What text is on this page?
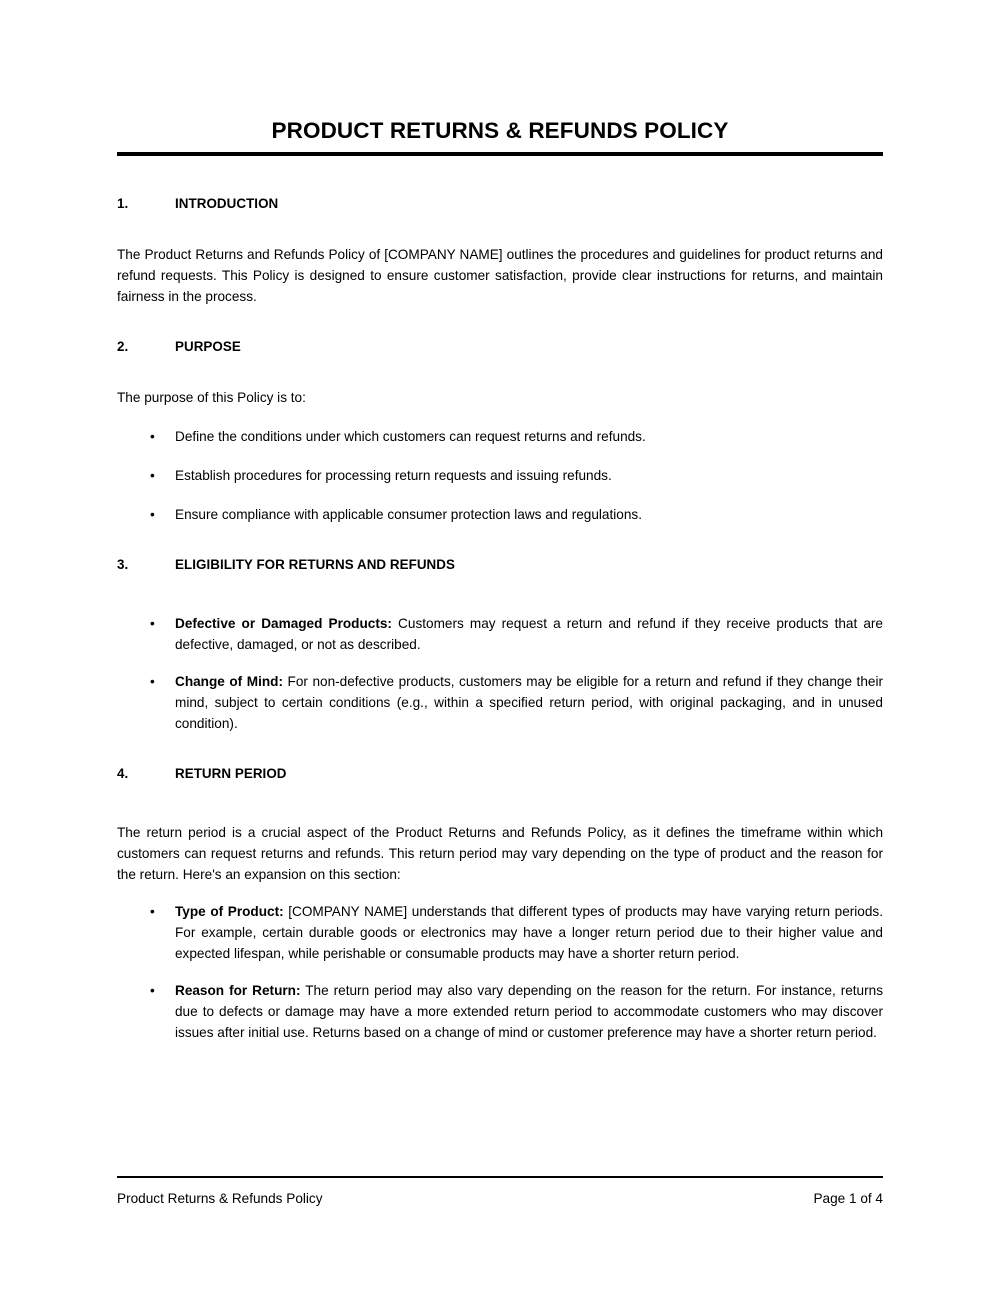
PRODUCT RETURNS & REFUNDS POLICY
1.	INTRODUCTION

The Product Returns and Refunds Policy of [COMPANY NAME] outlines the procedures and guidelines for product returns and refund requests. This Policy is designed to ensure customer satisfaction, provide clear instructions for returns, and maintain fairness in the process.

2.	PURPOSE

The purpose of this Policy is to:

• Define the conditions under which customers can request returns and refunds.
• Establish procedures for processing return requests and issuing refunds.
• Ensure compliance with applicable consumer protection laws and regulations.
3.	ELIGIBILITY FOR RETURNS AND REFUNDS
• Defective or Damaged Products: Customers may request a return and refund if they receive products that are defective, damaged, or not as described.
• Change of Mind: For non-defective products, customers may be eligible for a return and refund if they change their mind, subject to certain conditions (e.g., within a specified return period, with original packaging, and in unused condition).
4.	RETURN PERIOD

The return period is a crucial aspect of the Product Returns and Refunds Policy, as it defines the timeframe within which customers can request returns and refunds. This return period may vary depending on the type of product and the reason for the return. Here's an expansion on this section:

• Type of Product: [COMPANY NAME] understands that different types of products may have varying return periods. For example, certain durable goods or electronics may have a longer return period due to their higher value and expected lifespan, while perishable or consumable products may have a shorter return period.
• Reason for Return: The return period may also vary depending on the reason for the return. For instance, returns due to defects or damage may have a more extended return period to accommodate customers who may discover issues after initial use. Returns based on a change of mind or customer preference may have a shorter return period.
Product Returns & Refunds Policy	Page 1 of 4
